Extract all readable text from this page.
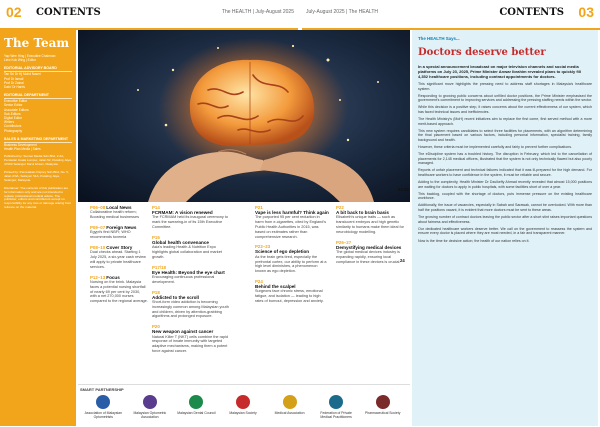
02 CONTENTS	The HEALTH | July-August 2025 July-August 2025 | The HEALTH	CONTENTS 03
The Team
Yap Wee Hing | Executive Chairman
Liew Kok Wing | Editor
EDITORIAL ADVISORY BOARD
Tan Sri Dr Hj Mohd Nazmi
Prof Dr Ismail
Prof Dr Zainal
Dato' Dr Harris
EDITORIAL DEPARTMENT
Executive Editor
Senior Editor
Associate Editors
Sub-Editors
Digital Editor
Writers
Contributors
Photography
SALES & MARKETING DEPARTMENT
Business Development
Health Plan Media | Sales
Published by: Sunset Media Sdn Bhd, 2-3A, Persiaran Kuala Lumpur, Jalan 52, Petaling Jaya, 47000 Selangor Darul Ehsan, Malaysia.
Printed by: Percetakan Osprey Sdn Bhd, No. 5, Jalan 2/3A, Seksyen 51A, Petaling Jaya, Selangor, Malaysia.
Disclaimer: The contents of this publication are for information only and are not intended to replace professional medical advice. The publisher, editors and contributors accept no responsibility for any loss or damage arising from reliance on the material.	P06–08 Local News
Collaborative health reform; Boosting medical businesses
P09–07 Foreign News
Egypt's first NBFI; WHO recommends toxemia
P08–10 Cover Story
Dual checks ahead. Starting 1 July 2025, a six-year cash review will apply to private healthcare services.
P12–13 Focus
Nursing on the brink. Malaysia faces a potential nursing shortfall of nearly 69 per cent by 2030, with a net 270,000 nurses compared to the regional average.
P14
FCRMAM: A vision renewed
The FCRMAM held its inaugural ceremony to mark the swearing-in of its 15th Executive Committee.
P15
Global health convenance
Asia's leading Health & Nutrition Expo highlights global collaboration and market growth.
P17/18
Eye Health: Beyond the eye chart
Encouraging continuous professional development.
P18
Addicted to the scroll
Short-form video addiction is becoming increasingly common among Malaysian youth and children, driven by attention-grabbing algorithms and prolonged exposure.
P20
New weapon against cancer
Natural Killer T (NKT) cells combine the rapid response of innate immunity with targeted adaptive mechanisms, making them a potent force against cancer.
P21
Vape is less harmful? Think again
The purported 95 per cent reduction in harm from e-cigarettes, cited by England's Public Health Authorities in 2015, was based on estimates rather than comprehensive research.
P22–23
Science of ego depletion
As the brain gets tired, especially the prefrontal cortex, our ability to perform at a high level diminishes, a phenomenon known as ego depletion.
P24
Behind the scalpel
Surgeons face chronic stress, emotional fatigue, and isolation — leading to high rates of burnout, depression and anxiety.
P22
A bit back to brain basis
Elisabeth's unique traits — such as translucent embryos and high genetic similarity to humans make them ideal for neurobiology modelling.
P26–27
Demystifying medical devices
The global medical devices industry is expanding rapidly, ensuring local compliance in these devices is crucial.
22-23
24
SMART PARTNERSHIP
Association of Malaysian Optometrists
Malaysian Optometric Association
Malaysian Dental Council	Malaysian Society	Medical Association	Federation of Private Medical Practitioners
Pharmaceutical Society
The HEALTH Says...
Doctors deserve better
In a special announcement broadcast on major television channels and social media platforms on July 23, 2025, Prime Minister Anwar Ibrahim revealed plans to quickly fill 4,352 healthcare positions, including contract appointments for doctors.

This significant move highlights the pressing need to address staff shortages in Malaysia's healthcare system.

Responding to growing public concerns about unfilled doctor positions, the Prime Minister emphasised the government's commitment to improving services and addressing the pressing staffing needs within the sector.

While this decision is a positive step, it raises concerns about the current effectiveness of our system, which has faced technical issues and inefficiencies.

The Health Ministry's (MoH) recent initiatives aim to replace the first come, first served method with a more merit-based approach.

This new system requires candidates to select three facilities for placements, with an algorithm determining the final placement based on various factors, including personal information, specialist training, family background and health.

However, these criteria must be implemented carefully and fairly to prevent further complications.

The eDiscipline system has a troubled history. The disruption in February, which led to the cancellation of placements for 2,145 medical officers, illustrated that the system is not only technically flawed but also poorly managed.

Reports of unfair placement and technical failures indicated that it was ill-prepared for the high demand. For healthcare workers to have confidence in the system, it must be reliable and secure.

Adding to the complexity, Health Minister Dr Dzulkefly Ahmad recently revealed that almost 15,000 positions are waiting for doctors to apply in public hospitals, with some facilities short of over a year.

This backlog, coupled with the shortage of doctors, puts immense pressure on the existing healthcare workforce.

Additionally, the issue of vacancies, especially in Sabah and Sarawak, cannot be overlooked. With more than half the positions vacant, it is evident that more doctors must be sent to these areas.

The growing number of contract doctors leaving the public sector after a short stint raises important questions about fairness and effectiveness.

Our dedicated healthcare workers deserve better. We call on the government to reassess the system and ensure every doctor is placed where they are most needed, in a fair and transparent manner.

Now is the time for decisive action; the health of our nation relies on it.
